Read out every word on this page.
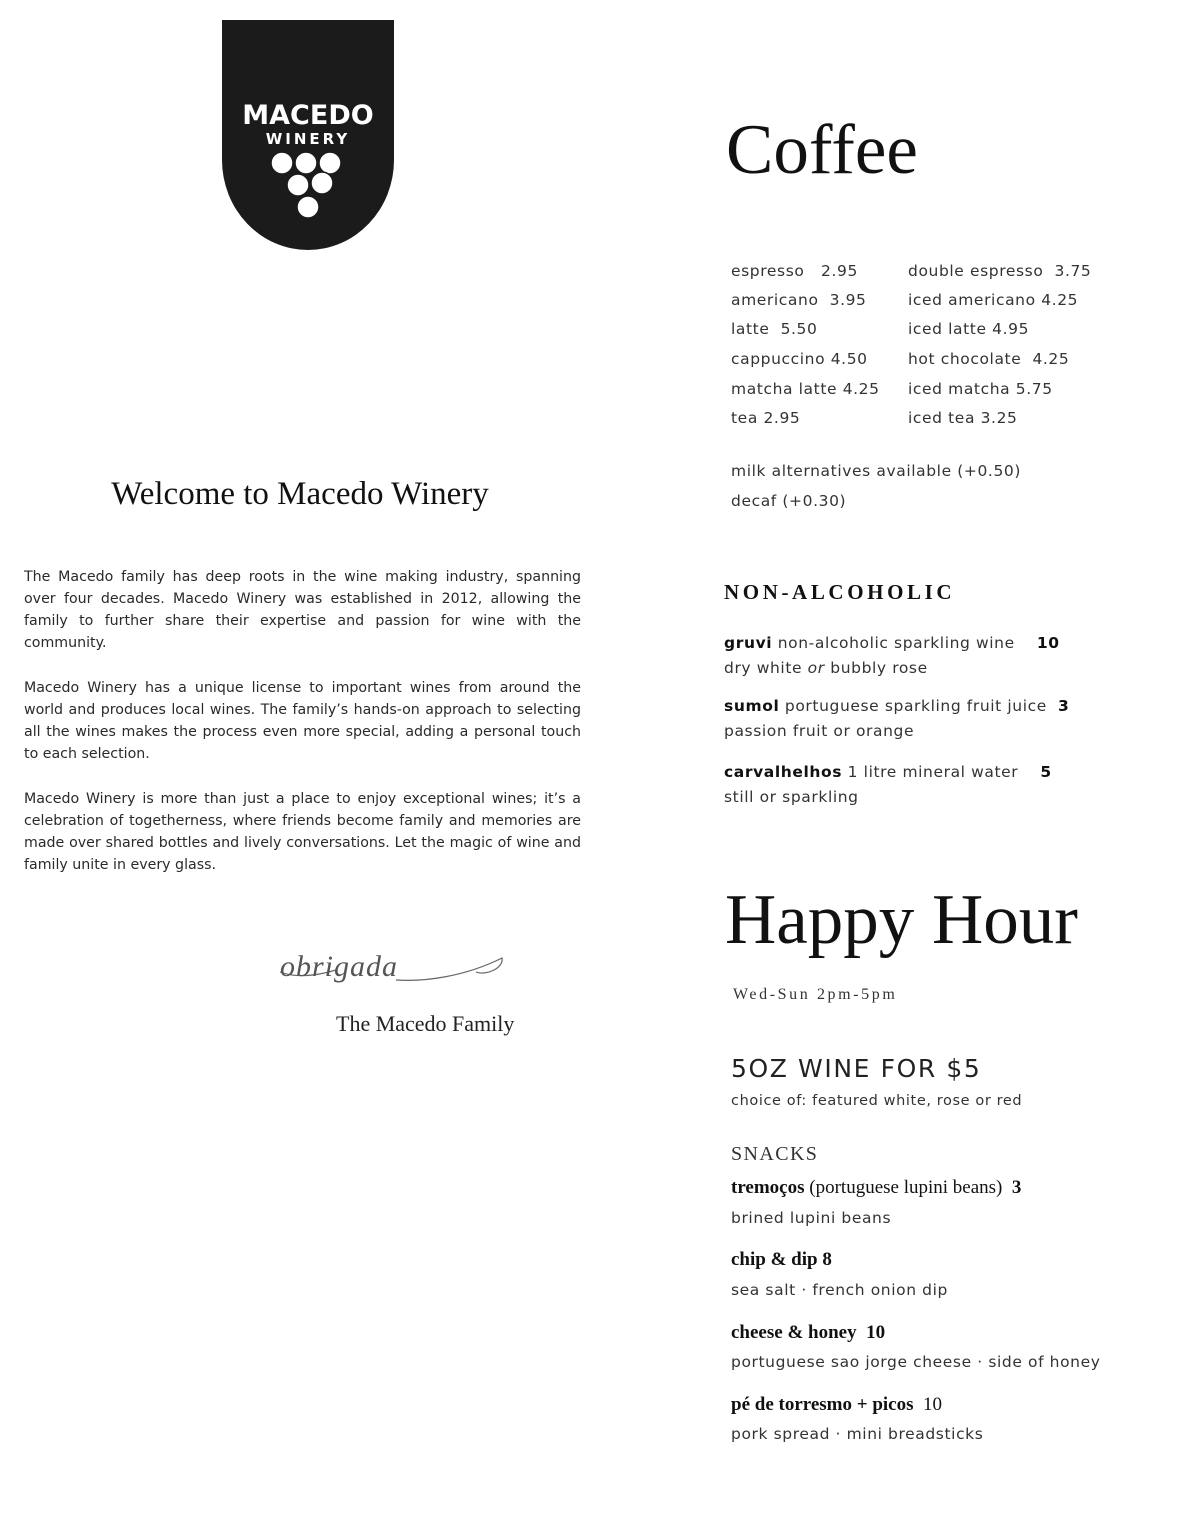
MACEDO
WINERY
Welcome to Macedo Winery

The Macedo family has deep roots in the wine making industry, spanning over four decades. Macedo Winery was established in 2012, allowing the family to further share their expertise and passion for wine with the community.

Macedo Winery has a unique license to important wines from around the world and produces local wines. The family’s hands-on approach to selecting all the wines makes the process even more special, adding a personal touch to each selection.

Macedo Winery is more than just a place to enjoy exceptional wines; it’s a celebration of togetherness, where friends become family and memories are made over shared bottles and lively conversations. Let the magic of wine and family unite in every glass.

obrigada
The Macedo Family
Coffee
espresso 2.95
americano 3.95
latte 5.50
cappuccino 4.50
matcha latte 4.25
tea 2.95
double espresso 3.75
iced americano 4.25
iced latte 4.95
hot chocolate 4.25
iced matcha 5.75
iced tea 3.25
milk alternatives available (+0.50)
decaf (+0.30)
NON-ALCOHOLIC
gruvi non-alcoholic sparkling wine 10
dry white or bubbly rose
sumol portuguese sparkling fruit juice 3
passion fruit or orange
carvalhelhos 1 litre mineral water 5
still or sparkling
Happy Hour
Wed-Sun 2pm-5pm
5OZ WINE FOR $5
choice of: featured white, rose or red
SNACKS
tremoços (portuguese lupini beans) 3
brined lupini beans
chip & dip 8
sea salt · french onion dip
cheese & honey 10
portuguese sao jorge cheese · side of honey
pé de torresmo + picos 10
pork spread · mini breadsticks
